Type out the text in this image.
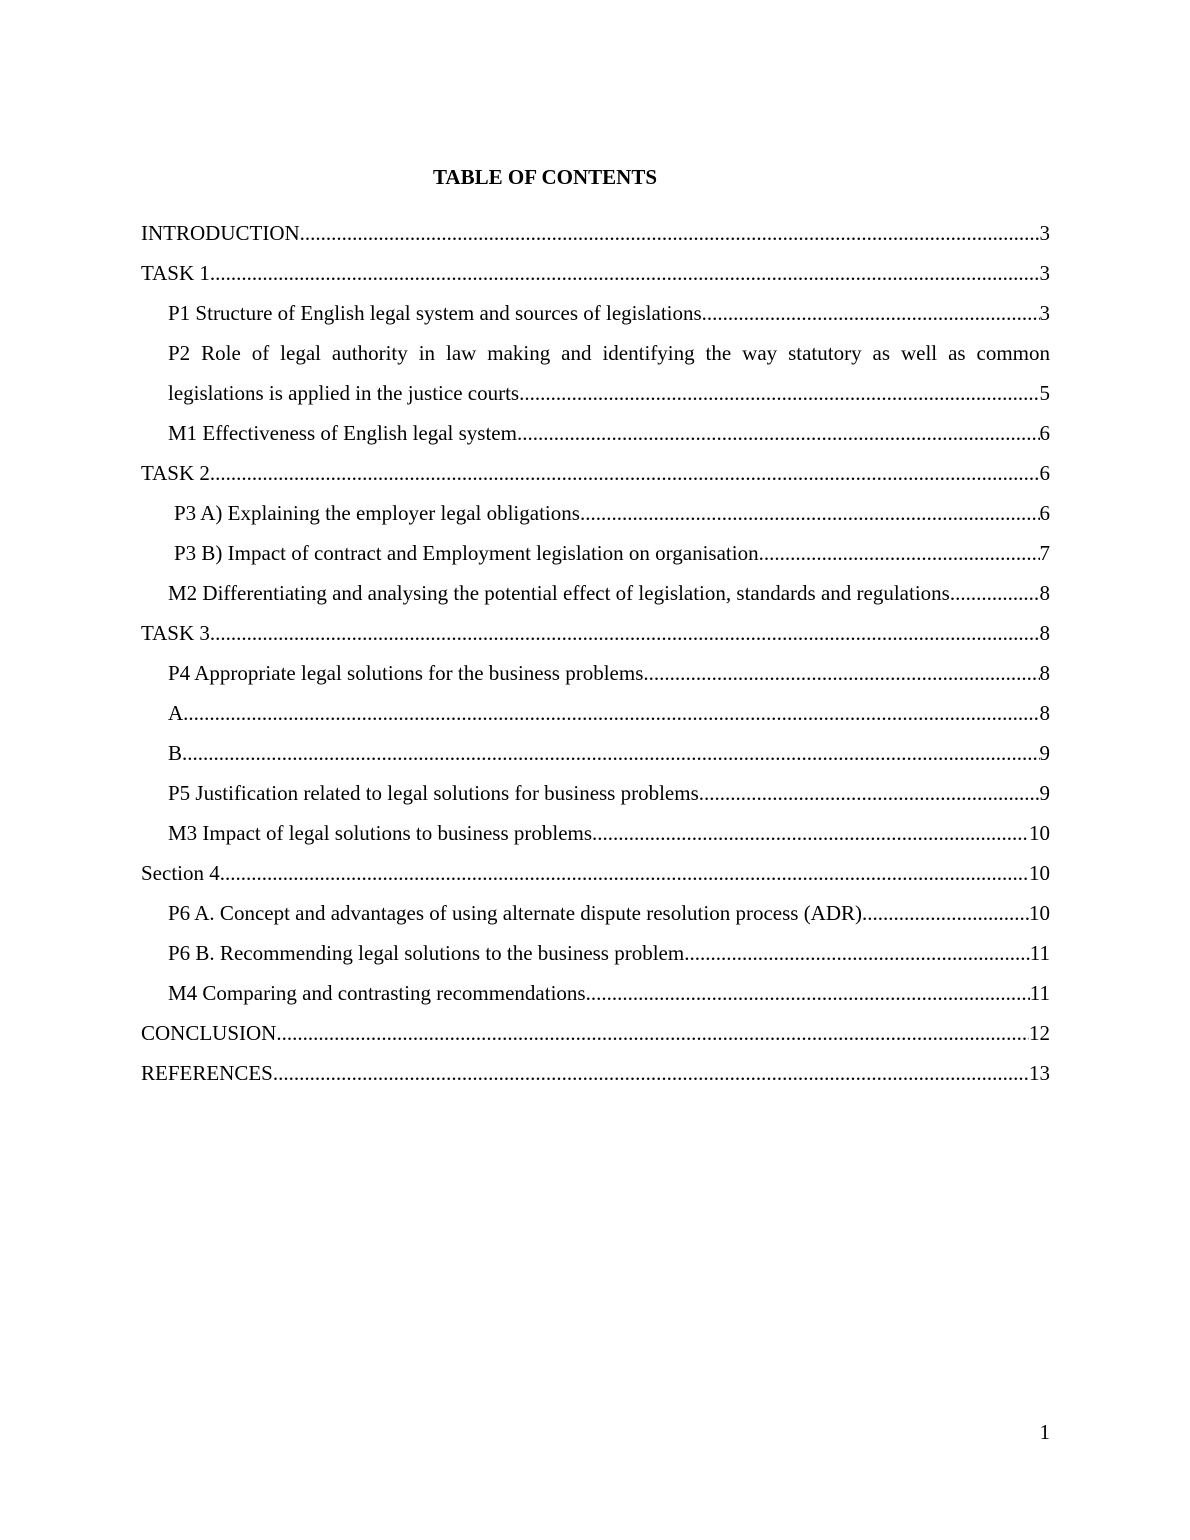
TABLE OF CONTENTS
INTRODUCTION .....	3
TASK 1 .....	3
P1 Structure of English legal system and sources of legislations .....	3
P2 Role of legal authority in law making and identifying the way statutory as well as common
legislations is applied in the justice courts .....	5
M1 Effectiveness of English legal system .....	6
TASK 2 .....	6
P3 A) Explaining the employer legal obligations .....	6
P3 B) Impact of contract and Employment legislation on organisation .....	7
M2 Differentiating and analysing the potential effect of legislation, standards and regulations .....	8
TASK 3 .....	8
P4 Appropriate legal solutions for the business problems .....	8
A .....	8
B .....	9
P5 Justification related to legal solutions for business problems .....	9
M3 Impact of legal solutions to business problems .....	10
Section 4 .....	10
P6 A. Concept and advantages of using alternate dispute resolution process (ADR) .....	10
P6 B. Recommending legal solutions to the business problem .....	11
M4 Comparing and contrasting recommendations .....	11
CONCLUSION .....	12
REFERENCES .....	13
1
